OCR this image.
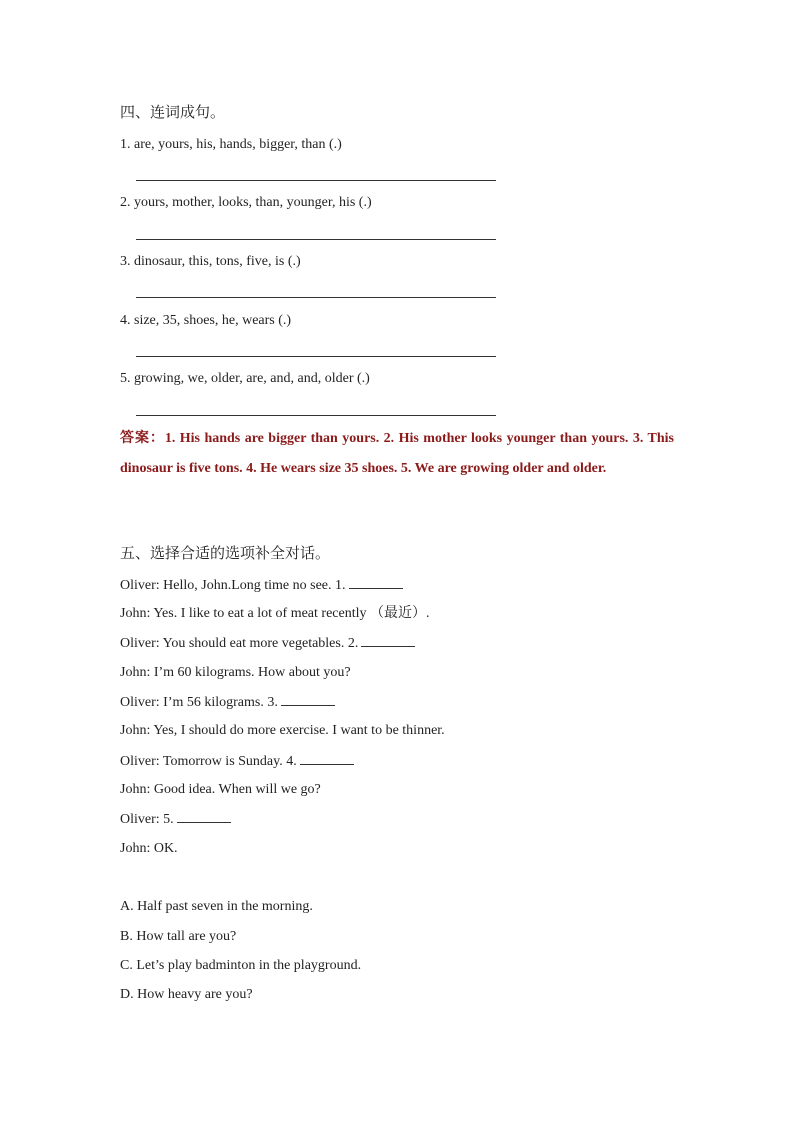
四、连词成句。
1. are, yours, his, hands, bigger, than (.)
2. yours, mother, looks, than, younger, his (.)
3. dinosaur, this, tons, five, is (.)
4. size, 35, shoes, he, wears (.)
5. growing, we, older, are, and, and, older (.)
答案：1. His hands are bigger than yours. 2. His mother looks younger than yours. 3. This dinosaur is five tons. 4. He wears size 35 shoes. 5. We are growing older and older.
五、选择合适的选项补全对话。
Oliver: Hello, John.Long time no see. 1.
John: Yes. I like to eat a lot of meat recently （最近）.
Oliver: You should eat more vegetables. 2.
John: I’m 60 kilograms. How about you?
Oliver: I’m 56 kilograms. 3.
John: Yes, I should do more exercise. I want to be thinner.
Oliver: Tomorrow is Sunday. 4.
John: Good idea. When will we go?
Oliver: 5.
John: OK.
A. Half past seven in the morning.
B. How tall are you?
C. Let’s play badminton in the playground.
D. How heavy are you?
